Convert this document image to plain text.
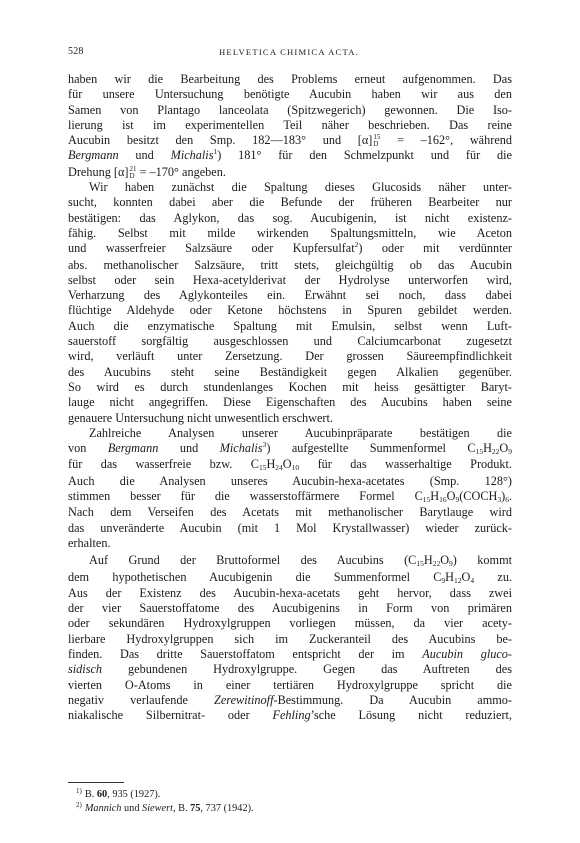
528	HELVETICA CHIMICA ACTA.

haben wir die Bearbeitung des Problems erneut aufgenommen. Das

für unsere Untersuchung benötigte Aucubin haben wir aus den

Samen von Plantago lanceolata (Spitzwegerich) gewonnen. Die Iso-

lierung ist im experimentellen Teil näher beschrieben. Das reine

Aucubin besitzt den Smp. 182—183° und [α] 15
D = –162°, während

Bergmann und Michalis$^1$) 181° für den Schmelzpunkt und für die

Drehung [α] 21
D = –170° angeben.

Wir haben zunächst die Spaltung dieses Glucosids näher unter-

sucht, konnten dabei aber die Befunde der früheren Bearbeiter nur

bestätigen: das Aglykon, das sog. Aucubigenin, ist nicht existenz-

fähig. Selbst mit milde wirkenden Spaltungsmitteln, wie Aceton

und wasserfreier Salzsäure oder Kupfersulfat$^2$) oder mit verdünnter

abs. methanolischer Salzsäure, tritt stets, gleichgültig ob das Aucubin

selbst oder sein Hexa-acetylderivat der Hydrolyse unterworfen wird,

Verharzung des Aglykonteiles ein. Erwähnt sei noch, dass dabei

flüchtige Aldehyde oder Ketone höchstens in Spuren gebildet werden.

Auch die enzymatische Spaltung mit Emulsin, selbst wenn Luft-

sauerstoff sorgfältig ausgeschlossen und Calciumcarbonat zugesetzt

wird, verläuft unter Zersetzung. Der grossen Säureempfindlichkeit

des Aucubins steht seine Beständigkeit gegen Alkalien gegenüber.

So wird es durch stundenlanges Kochen mit heiss gesättigter Baryt-

lauge nicht angegriffen. Diese Eigenschaften des Aucubins haben seine

genauere Untersuchung nicht unwesentlich erschwert.

Zahlreiche Analysen unserer Aucubinpräparate bestätigen die

von Bergmann und Michalis$^3$) aufgestellte Summenformel C15H22O9

für das wasserfreie bzw. C15H24O10 für das wasserhaltige Produkt.

Auch die Analysen unseres Aucubin-hexa-acetates (Smp. 128°)

stimmen besser für die wasserstoffärmere Formel C15H16O9(COCH3)6.

Nach dem Verseifen des Acetats mit methanolischer Barytlauge wird

das unveränderte Aucubin (mit 1 Mol Krystallwasser) wieder zurück-

erhalten.

Auf Grund der Bruttoformel des Aucubins (C15H22O9) kommt

dem hypothetischen Aucubigenin die Summenformel C9H12O4 zu.

Aus der Existenz des Aucubin-hexa-acetats geht hervor, dass zwei

der vier Sauerstoffatome des Aucubigenins in Form von primären

oder sekundären Hydroxylgruppen vorliegen müssen, da vier acety-

lierbare Hydroxylgruppen sich im Zuckeranteil des Aucubins be-

finden. Das dritte Sauerstoffatom entspricht der im Aucubin gluco-

sidisch gebundenen Hydroxylgruppe. Gegen das Auftreten des

vierten O-Atoms in einer tertiären Hydroxylgruppe spricht die

negativ verlaufende Zerewitinoff-Bestimmung. Da Aucubin ammo-

niakalische Silbernitrat- oder Fehling’sche Lösung nicht reduziert,

$^{1)}$ B. 60, 935 (1927).
$^{2)}$ Mannich und Siewert, B. 75, 737 (1942).
